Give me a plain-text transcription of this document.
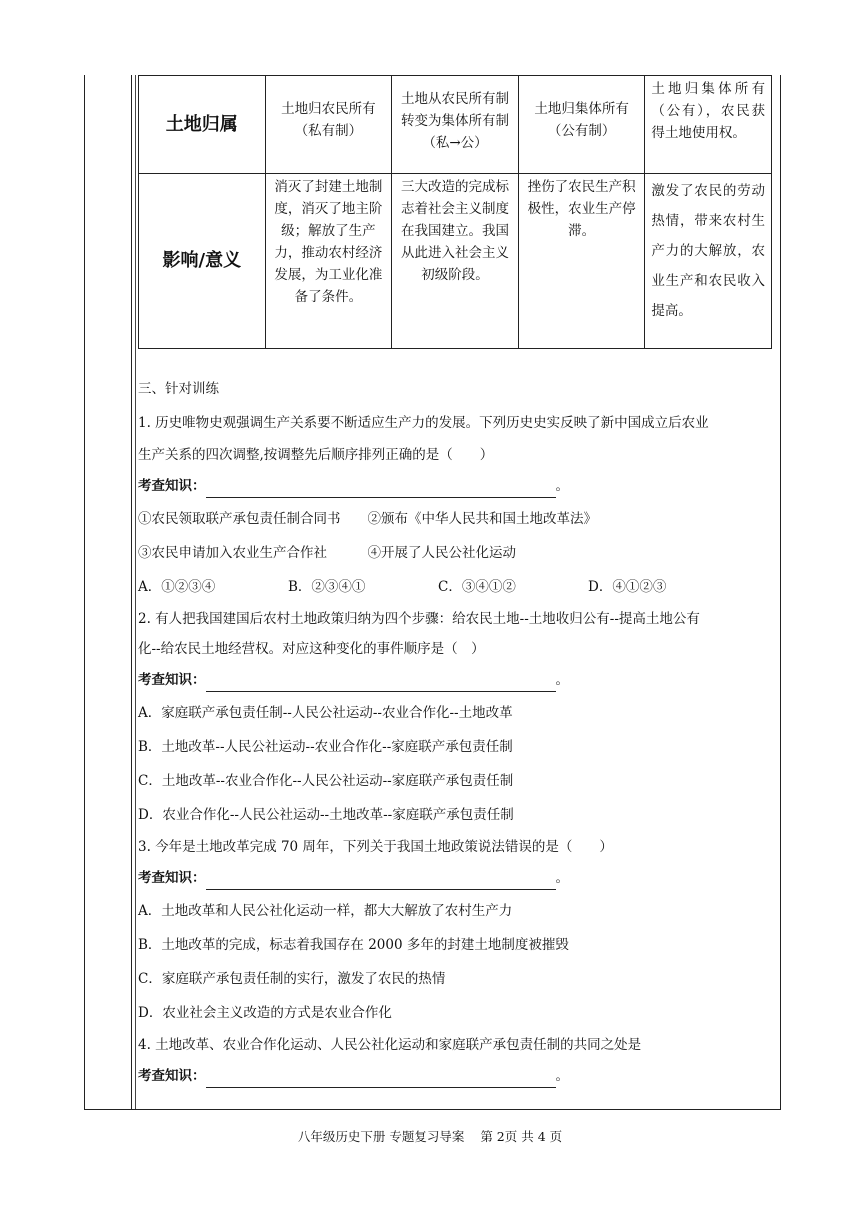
土地归属	土地归农民所有（私有制）	土地从农民所有制转变为集体所有制（私→公）	土地归集体所有（公有制）	土地归集体所有（公有），农民获得土地使用权。
影响/意义	消灭了封建土地制度，消灭了地主阶级；解放了生产力，推动农村经济发展，为工业化准备了条件。	三大改造的完成标志着社会主义制度在我国建立。我国从此进入社会主义初级阶段。	挫伤了农民生产积极性，农业生产停滞。	激发了农民的劳动热情，带来农村生产力的大解放，农业生产和农民收入提高。
三、针对训练
1. 历史唯物史观强调生产关系要不断适应生产力的发展。下列历史史实反映了新中国成立后农业
生产关系的四次调整,按调整先后顺序排列正确的是（　　）
考查知识：	。
①农民领取联产承包责任制合同书　　②颁布《中华人民共和国土地改革法》
③农民申请加入农业生产合作社　　　④开展了人民公社化运动
A．①②③④	B．②③④①	C．③④①②	D．④①②③
2. 有人把我国建国后农村土地政策归纳为四个步骤：给农民土地--土地收归公有--提高土地公有
化--给农民土地经营权。对应这种变化的事件顺序是（　）
考查知识：	。
A．家庭联产承包责任制--人民公社运动--农业合作化--土地改革
B．土地改革--人民公社运动--农业合作化--家庭联产承包责任制
C．土地改革--农业合作化--人民公社运动--家庭联产承包责任制
D．农业合作化--人民公社运动--土地改革--家庭联产承包责任制
3. 今年是土地改革完成 70 周年，下列关于我国土地政策说法错误的是（　　）
考查知识：	。
A．土地改革和人民公社化运动一样，都大大解放了农村生产力
B．土地改革的完成，标志着我国存在 2000 多年的封建土地制度被摧毁
C．家庭联产承包责任制的实行，激发了农民的热情
D．农业社会主义改造的方式是农业合作化
4. 土地改革、农业合作化运动、人民公社化运动和家庭联产承包责任制的共同之处是
考查知识：	。
八年级历史下册 专题复习导案 第 2页 共 4 页
